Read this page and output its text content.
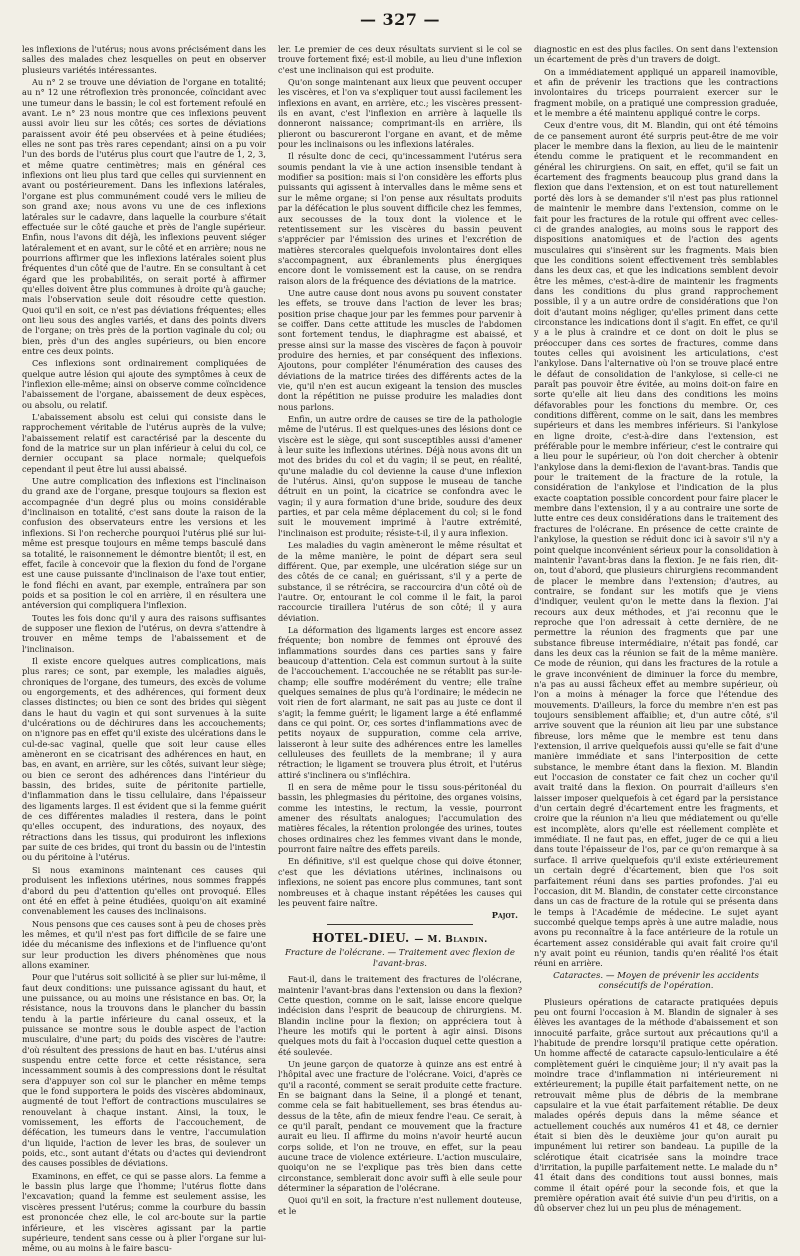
— 327 —

les inflexions de l'utérus; nous avons précisément dans les salles des malades chez lesquelles on peut en observer plusieurs variétés intéressantes.

Au n° 2 se trouve une déviation de l'organe en totalité; au n° 12 une rétroflexion très prononcée, coïncidant avec une tumeur dans le bassin; le col est fortement refoulé en avant. Le n° 23 nous montre que ces inflexions peuvent aussi avoir lieu sur les côtés; ces sortes de déviations paraissent avoir été peu observées et à peine étudiées; elles ne sont pas très rares cependant; ainsi on a pu voir l'un des bords de l'utérus plus court que l'autre de 1, 2, 3, et même quatre centimètres; mais en général ces inflexions ont lieu plus tard que celles qui surviennent en avant ou postérieurement. Dans les inflexions latérales, l'organe est plus communément coudé vers le milieu de son grand axe; nous avons vu une de ces inflexions latérales sur le cadavre, dans laquelle la courbure s'était effectuée sur le côté gauche et près de l'angle supérieur. Enfin, nous l'avons dit déjà, les inflexions peuvent siéger latéralement et en avant, sur le côté et en arrière; nous ne pourrions affirmer que les inflexions latérales soient plus fréquentes d'un côté que de l'autre. En se consultant à cet égard que les probabilités, on serait porté à affirmer qu'elles doivent être plus communes à droite qu'à gauche; mais l'observation seule doit résoudre cette question. Quoi qu'il en soit, ce n'est pas déviations fréquentes; elles ont lieu sous des angles variés, et dans des points divers de l'organe; on très près de la portion vaginale du col; ou bien, près d'un des angles supérieurs, ou bien encore entre ces deux points.

Ces inflexions sont ordinairement compliquées de quelque autre lésion qui ajoute des symptômes à ceux de l'inflexion elle-même; ainsi on observe comme coïncidence l'abaissement de l'organe, abaissement de deux espèces, ou absolu, ou relatif.

L'abaissement absolu est celui qui consiste dans le rapprochement véritable de l'utérus auprès de la vulve; l'abaissement relatif est caractérisé par la descente du fond de la matrice sur un plan inférieur à celui du col, ce dernier occupant sa place normale; quelquefois cependant il peut être lui aussi abaissé.

Une autre complication des inflexions est l'inclinaison du grand axe de l'organe, presque toujours sa flexion est accompagnée d'un degré plus ou moins considérable d'inclinaison en totalité, c'est sans doute la raison de la confusion des observateurs entre les versions et les inflexions. Si l'on recherche pourquoi l'utérus plié sur lui-même est presque toujours en même temps basculé dans sa totalité, le raisonnement le démontre bientôt; il est, en effet, facile à concevoir que la flexion du fond de l'organe est une cause puissante d'inclinaison de l'axe tout entier, le fond fléchi en avant, par exemple, entraînera par son poids et sa position le col en arrière, il en résultera une antéversion qui compliquera l'inflexion.

Toutes les fois donc qu'il y aura des raisons suffisantes de supposer une flexion de l'utérus, on devra s'attendre à trouver en même temps de l'abaissement et de l'inclinaison.

Il existe encore quelques autres complications, mais plus rares; ce sont, par exemple, les maladies aiguës, chroniques de l'organe, des tumeurs, des excès de volume ou engorgements, et des adhérences, qui forment deux classes distinctes; ou bien ce sont des brides qui siègent dans le haut du vagin et qui sont survenues à la suite d'ulcérations ou de déchirures dans les accouchements; on n'ignore pas en effet qu'il existe des ulcérations dans le cul-de-sac vaginal, quelle que soit leur cause elles amèneront en se cicatrisant des adhérences en haut, en bas, en avant, en arrière, sur les côtés, suivant leur siège; ou bien ce seront des adhérences dans l'intérieur du bassin, des brides, suite de péritonite partielle, d'inflammation dans le tissu cellulaire, dans l'épaisseur des ligaments larges. Il est évident que si la femme guérit de ces différentes maladies il restera, dans le point qu'elles occupent, des indurations, des noyaux, des rétractions dans les tissus, qui produiront les inflexions par suite de ces brides, qui tront du bassin ou de l'intestin ou du péritoine à l'utérus.

Si nous examinons maintenant ces causes qui produisent les inflexions utérines, nous sommes frappés d'abord du peu d'attention qu'elles ont provoqué. Elles ont été en effet à peine étudiées, quoiqu'on ait examiné convenablement les causes des inclinaisons.

Nous pensons que ces causes sont à peu de choses près les mêmes, et qu'il n'est pas fort difficile de se faire une idée du mécanisme des inflexions et de l'influence qu'ont sur leur production les divers phénomènes que nous allons examiner.

Pour que l'utérus soit sollicité à se plier sur lui-même, il faut deux conditions: une puissance agissant du haut, et une puissance, ou au moins une résistance en bas. Or, la résistance, nous la trouvons dans le plancher du bassin tendu à la partie inférieure du canal osseux, et la puissance se montre sous le double aspect de l'action musculaire, d'une part; du poids des viscères de l'autre: d'où résultent des pressions de haut en bas. L'utérus ainsi suspendu entre cette force et cette résistance, sera incessamment soumis à des compressions dont le résultat sera d'appuyer son col sur le plancher en même temps que le fond supportera le poids des viscères abdominaux, augmenté de tout l'effort de contractions musculaires se renouvelant à chaque instant. Ainsi, la toux, le vomissement, les efforts de l'accouchement, de défécation, les tumeurs dans le ventre, l'accumulation d'un liquide, l'action de lever les bras, de soulever un poids, etc., sont autant d'états ou d'actes qui deviendront des causes possibles de déviations.

Examinons, en effet, ce qui se passe alors. La femme a le bassin plus large que l'homme; l'utérus flotte dans l'excavation; quand la femme est seulement assise, les viscères pressent l'utérus; comme la courbure du bassin est prononcée chez elle, le col arc-boute sur la partie inférieure, et les viscères agissant par la partie supérieure, tendent sans cesse ou à plier l'organe sur lui-même, ou au moins à le faire bascu-

ler. Le premier de ces deux résultats survient si le col se trouve fortement fixé; est-il mobile, au lieu d'une inflexion c'est une inclinaison qui est produite.

Qu'on songe maintenant aux lieux que peuvent occuper les viscères, et l'on va s'expliquer tout aussi facilement les inflexions en avant, en arrière, etc.; les viscères pressent-ils en avant, c'est l'inflexion en arrière à laquelle ils donneront naissance; comprimant-ils en arrière, ils plieront ou bascureront l'organe en avant, et de même pour les inclinaisons ou les inflexions latérales.

Il résulte donc de ceci, qu'incessamment l'utérus sera soumis pendant la vie à une action insensible tendant à modifier sa position: mais si l'on considère les efforts plus puissants qui agissent à intervalles dans le même sens et sur le même organe; si l'on pense aux résultats produits par la défécation le plus souvent difficile chez les femmes, aux secousses de la toux dont la violence et le retentissement sur les viscères du bassin peuvent s'apprécier par l'émission des urines et l'excrétion de matières stercorales quelquefois involontaires dont elles s'accompagnent, aux ébranlements plus énergiques encore dont le vomissement est la cause, on se rendra raison alors de la fréquence des déviations de la matrice.

Une autre cause dont nous avons pu souvent constater les effets, se trouve dans l'action de lever les bras; position prise chaque jour par les femmes pour parvenir à se coiffer. Dans cette attitude les muscles de l'abdomen sont fortement tendus, le diaphragme est abaissé, et presse ainsi sur la masse des viscères de façon à pouvoir produire des hernies, et par conséquent des inflexions. Ajoutons, pour compléter l'énumération des causes des déviations de la matrice tirées des différents actes de la vie, qu'il n'en est aucun exigeant la tension des muscles dont la répétition ne puisse produire les maladies dont nous parlons.

Enfin, un autre ordre de causes se tire de la pathologie même de l'utérus. Il est quelques-unes des lésions dont ce viscère est le siège, qui sont susceptibles aussi d'amener à leur suite les inflexions utérines. Déjà nous avons dit un mot des brides du col et du vagin; il se peut, en réalité, qu'une maladie du col devienne la cause d'une inflexion de l'utérus. Ainsi, qu'on suppose le museau de tanche détruit en un point, la cicatrice se confondra avec le vagin; il y aura formation d'une bride, soudure des deux parties, et par cela même déplacement du col; si le fond suit le mouvement imprimé à l'autre extrémité, l'inclinaison est produite; résiste-t-il, il y aura inflexion.

Les maladies du vagin amèneront le même résultat et de la même manière, le point de départ sera seul différent. Que, par exemple, une ulcération siége sur un des côtés de ce canal; en guérissant, s'il y a perte de substance, il se rétrécira, se raccourcira d'un côté où de l'autre. Or, entourant le col comme il le fait, la paroi raccourcie tiraillera l'utérus de son côté; il y aura déviation.

La déformation des ligaments larges est encore assez fréquente; bon nombre de femmes ont éprouvé des inflammations sourdes dans ces parties sans y faire beaucoup d'attention. Cela est commun surtout à la suite de l'accouchement. L'accouchée ne se rétablit pas sur-le-champ; elle souffre modérément du ventre; elle traîne quelques semaines de plus qu'à l'ordinaire; le médecin ne voit rien de fort alarmant, ne sait pas au juste ce dont il s'agit; la femme guérit; le ligament large a été enflammé dans ce qui point. Or, ces sortes d'inflammations avec de petits noyaux de suppuration, comme cela arrive, laisseront à leur suite des adhérences entre les lamelles celluleuses des feuillets de la membrane; il y aura rétraction; le ligament se trouvera plus étroit, et l'utérus attiré s'inclinera ou s'infléchira.

Il en sera de même pour le tissu sous-péritonéal du bassin, les phlegmasies du péritoine, des organes voisins, comme les intestins, le rectum, la vessie, pourront amener des résultats analogues; l'accumulation des matières fécales, la rétention prolongée des urines, toutes choses ordinaires chez les femmes vivant dans le monde, pourront faire naître des effets pareils.

En définitive, s'il est quelque chose qui doive étonner, c'est que les déviations utérines, inclinaisons ou inflexions, ne soient pas encore plus communes, tant sont nombreuses et à chaque instant répétées les causes qui les peuvent faire naître.

Pajot.
HOTEL-DIEU. — M. Blandin.
Fracture de l'olécrane. — Traitement avec flexion de l'avant-bras.

Faut-il, dans le traitement des fractures de l'olécrane, maintenir l'avant-bras dans l'extension ou dans la flexion? Cette question, comme on le sait, laisse encore quelque indécision dans l'esprit de beaucoup de chirurgiens. M. Blandin incline pour la flexion; on appréciera tout à l'heure les motifs qui le portent à agir ainsi. Disons quelques mots du fait à l'occasion duquel cette question a été soulevée.

Un jeune garçon de quatorze à quinze ans est entré à l'hôpital avec une fracture de l'olécrane. Voici, d'après ce qu'il a raconté, comment se serait produite cette fracture. En se baignant dans la Seine, il a plongé et tenant, comme cela se fait habituellement, ses bras étendus au-dessus de la tête, afin de mieux fendre l'eau. Ce serait, à ce qu'il paraît, pendant ce mouvement que la fracture aurait eu lieu. Il affirme du moins n'avoir heurté aucun corps solide, et l'on ne trouve, en effet, sur la peau aucune trace de violence extérieure. L'action musculaire, quoiqu'on ne se l'explique pas très bien dans cette circonstance, semblerait donc avoir suffi à elle seule pour déterminer la séparation de l'olécrane.

Quoi qu'il en soit, la fracture n'est nullement douteuse, et le

diagnostic en est des plus faciles. On sent dans l'extension un écartement de près d'un travers de doigt.

On a immédiatement appliqué un appareil inamovible, et afin de prévenir les tractions que les contractions involontaires du triceps pourraient exercer sur le fragment mobile, on a pratiqué une compression graduée, et le membre a été maintenu appliqué contre le corps.

Ceux d'entre vous, dit M. Blandin, qui ont été témoins de ce pansement auront été surpris peut-être de me voir placer le membre dans la flexion, au lieu de le maintenir étendu comme le pratiquent et le recommandent en général les chirurgiens. On sait, en effet, qu'il se fait un écartement des fragments beaucoup plus grand dans la flexion que dans l'extension, et on est tout naturellement porté dès lors à se demander s'il n'est pas plus rationnel de maintenir le membre dans l'extension, comme on le fait pour les fractures de la rotule qui offrent avec celles-ci de grandes analogies, au moins sous le rapport des dispositions anatomiques et de l'action des agents musculaires qui s'insèrent sur les fragments. Mais bien que les conditions soient effectivement très semblables dans les deux cas, et que les indications semblent devoir être les mêmes, c'est-à-dire de maintenir les fragments dans les conditions du plus grand rapprochement possible, il y a un autre ordre de considérations que l'on doit d'autant moins négliger, qu'elles priment dans cette circonstance les indications dont il s'agit. En effet, ce qu'il y a le plus à craindre et ce dont on doit le plus se préoccuper dans ces sortes de fractures, comme dans toutes celles qui avoisinent les articulations, c'est l'ankylose. Dans l'alternative où l'on se trouve placé entre le défaut de consolidation de l'ankylose, si celle-ci ne paraît pas pouvoir être évitée, au moins doit-on faire en sorte qu'elle ait lieu dans des conditions les moins défavorables pour les fonctions du membre. Or, ces conditions diffèrent, comme on le sait, dans les membres supérieurs et dans les membres inférieurs. Si l'ankylose en ligne droite, c'est-à-dire dans l'extension, est préférable pour le membre inférieur, c'est le contraire qui a lieu pour le supérieur, où l'on doit chercher à obtenir l'ankylose dans la demi-flexion de l'avant-bras. Tandis que pour le traitement de la fracture de la rotule, la considération de l'ankylose et l'indication de la plus exacte coaptation possible concordent pour faire placer le membre dans l'extension, il y a au contraire une sorte de lutte entre ces deux considérations dans le traitement des fractures de l'olécrane. En présence de cette crainte de l'ankylose, la question se réduit donc ici à savoir s'il n'y a point quelque inconvénient sérieux pour la consolidation à maintenir l'avant-bras dans la flexion. Je ne fais rien, dit-on, tout d'abord, que plusieurs chirurgiens recommandent de placer le membre dans l'extension; d'autres, au contraire, se fondant sur les motifs que je viens d'indiquer, veulent qu'on le mette dans la flexion. J'ai recours aux deux méthodes, et j'ai reconnu que le reproche que l'on adressait à cette dernière, de ne permettre la réunion des fragments que par une substance fibreuse intermédiaire, n'était pas fondé, car dans les deux cas la réunion se fait de la même manière. Ce mode de réunion, qui dans les fractures de la rotule a le grave inconvénient de diminuer la force du membre, n'a pas au aussi fâcheux effet au membre supérieur, où l'on a moins à ménager la force que l'étendue des mouvements. D'ailleurs, la force du membre n'en est pas toujours sensiblement affaiblie; et, d'un autre côté, s'il arrive souvent que la réunion ait lieu par une substance fibreuse, lors même que le membre est tenu dans l'extension, il arrive quelquefois aussi qu'elle se fait d'une manière immédiate et sans l'interposition de cette substance, le membre étant dans la flexion. M. Blandin eut l'occasion de constater ce fait chez un cocher qu'il avait traité dans la flexion. On pourrait d'ailleurs s'en laisser imposer quelquefois à cet égard par la persistance d'un certain degré d'écartement entre les fragments, et croire que la réunion n'a lieu que médiatement ou qu'elle est incomplète, alors qu'elle est réellement complète et immédiate. Il ne faut pas, en effet, juger de ce qui a lieu dans toute l'épaisseur de l'os, par ce qu'on remarque à sa surface. Il arrive quelquefois qu'il existe extérieurement un certain degré d'écartement, bien que l'os soit parfaitement réuni dans ses parties profondes. J'ai eu l'occasion, dit M. Blandin, de constater cette circonstance dans un cas de fracture de la rotule qui se présenta dans le temps à l'Académie de médecine. Le sujet ayant succombé quelque temps après à une autre maladie, nous avons pu reconnaître à la face antérieure de la rotule un écartement assez considérable qui avait fait croire qu'il n'y avait point eu réunion, tandis qu'en réalité l'os était réuni en arrière.

Cataractes. — Moyen de prévenir les accidents consécutifs de l'opération.

Plusieurs opérations de cataracte pratiquées depuis peu ont fourni l'occasion à M. Blandin de signaler à ses élèves les avantages de la méthode d'abaissement et son innocuité parfaite, grâce surtout aux précautions qu'il a l'habitude de prendre lorsqu'il pratique cette opération. Un homme affecté de cataracte capsulo-lenticulaire a été complètement guéri le cinquième jour; il n'y avait pas la moindre trace d'inflammation ni intérieurement ni extérieurement; la pupille était parfaitement nette, on ne retrouvait même plus de débris de la membrane capsulaire et la vue était parfaitement rétablie. De deux malades opérés depuis dans la même séance et actuellement couchés aux numéros 41 et 48, ce dernier était si bien dès le deuxième jour qu'on aurait pu impunément lui retirer son bandeau. La pupille de la sclérotique était cicatrisée sans la moindre trace d'irritation, la pupille parfaitement nette. Le malade du n° 41 était dans des conditions tout aussi bonnes, mais comme il était opéré pour la seconde fois, et que la première opération avait été suivie d'un peu d'iritis, on a dû observer chez lui un peu plus de ménagement.
